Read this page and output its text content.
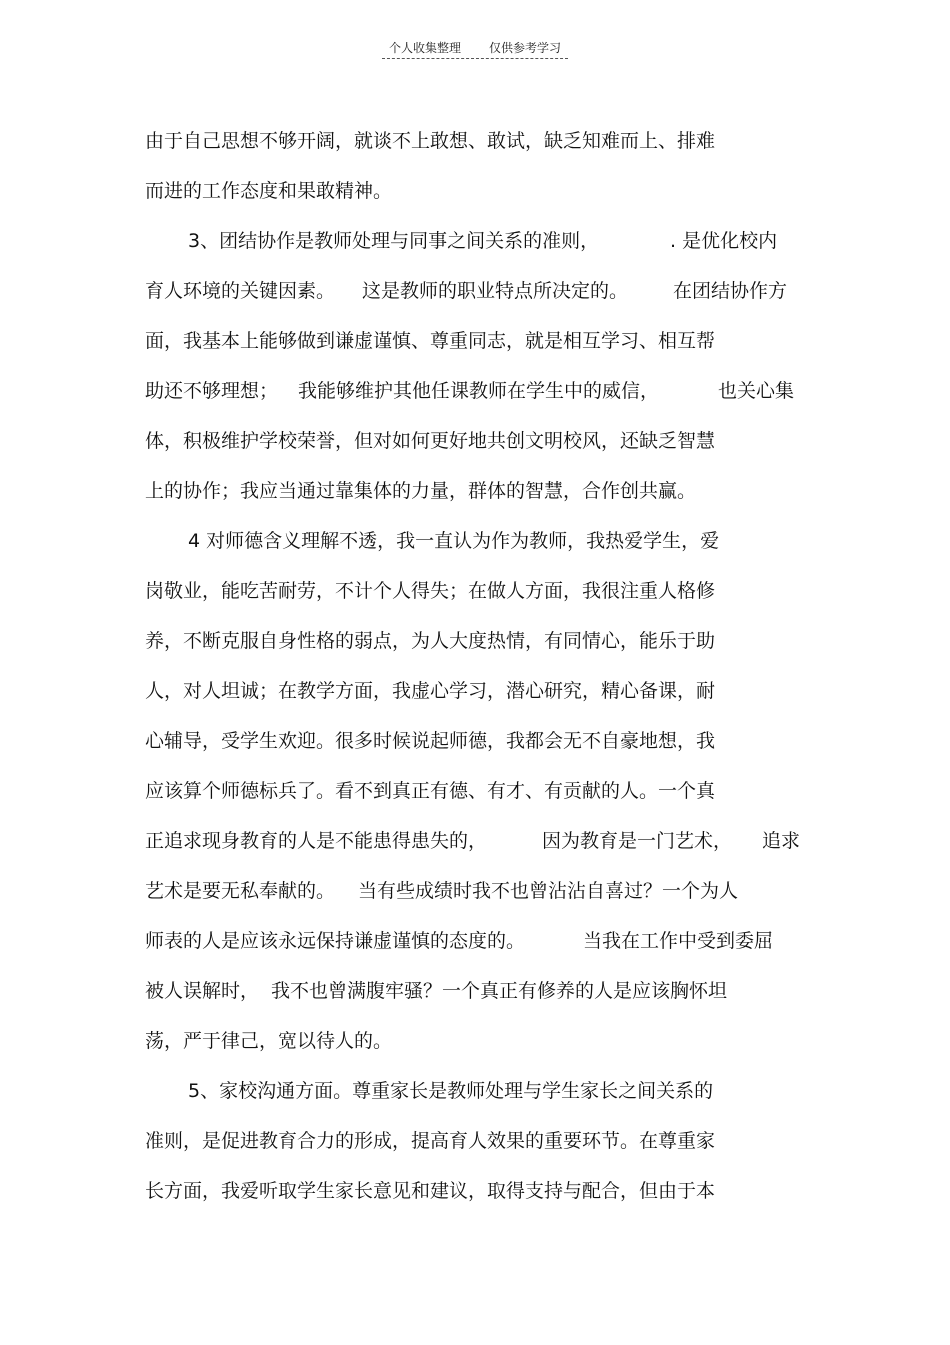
个人收集整理 仅供参考学习
由于自己思想不够开阔，就谈不上敢想、敢试，缺乏知难而上、排难
而进的工作态度和果敢精神。
3、团结协作是教师处理与同事之间关系的准则，	. 是优化校内
育人环境的关键因素。 这是教师的职业特点所决定的。 在团结协作方
面，我基本上能够做到谦虚谨慎、尊重同志，就是相互学习、相互帮
助还不够理想； 我能够维护其他任课教师在学生中的威信，	也关心集
体，积极维护学校荣誉，但对如何更好地共创文明校风，还缺乏智慧
上的协作；我应当通过靠集体的力量，群体的智慧，合作创共赢。
4 对师德含义理解不透，我一直认为作为教师，我热爱学生，爱
岗敬业，能吃苦耐劳，不计个人得失；在做人方面，我很注重人格修
养，不断克服自身性格的弱点，为人大度热情，有同情心，能乐于助
人，对人坦诚；在教学方面，我虚心学习，潜心研究，精心备课，耐
心辅导，受学生欢迎。很多时候说起师德，我都会无不自豪地想，我
应该算个师德标兵了。看不到真正有德、有才、有贡献的人。一个真
正追求现身教育的人是不能患得患失的，	因为教育是一门艺术， 追求
艺术是要无私奉献的。 当有些成绩时我不也曾沾沾自喜过？一个为人
师表的人是应该永远保持谦虚谨慎的态度的。	当我在工作中受到委屈
被人误解时， 我不也曾满腹牢骚？一个真正有修养的人是应该胸怀坦
荡，严于律己，宽以待人的。
5、家校沟通方面。尊重家长是教师处理与学生家长之间关系的
准则，是促进教育合力的形成，提高育人效果的重要环节。在尊重家
长方面，我爱听取学生家长意见和建议，取得支持与配合，但由于本
